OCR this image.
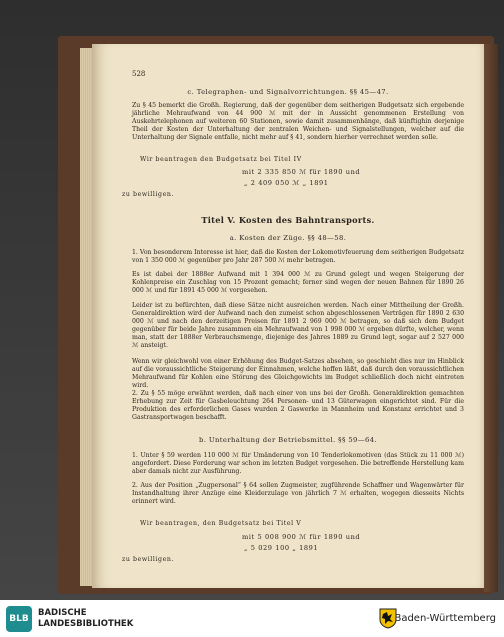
528
c. Telegraphen- und Signalvorrichtungen. §§ 45—47.
Zu § 45 bemerkt die Großh. Regierung, daß der gegenüber dem seitherigen Budgetsatz sich ergebende jährliche Mehraufwand von 44 900 ℳ mit der in Aussicht genommenen Erstellung von Auskehrtelephonen auf weiteren 60 Stationen, sowie damit zusammenhänge, daß künftighin derjenige Theil der Kosten der Unterhaltung der zentralen Weichen- und Signalstellungen, welcher auf die Unterhaltung der Signale entfalle, nicht mehr auf § 41, sondern hierher verrechnet werden solle.
Wir beantragen den Budgetsatz bei Titel IV
mit 2 335 850 ℳ für 1890 und
„ 2 409 050 ℳ „ 1891
zu bewilligen.
Titel V. Kosten des Bahntransports.
a. Kosten der Züge. §§ 48—58.
1. Von besonderem Interesse ist hier, daß die Kosten der Lokomotivfeuerung dem seitherigen Budgetsatz von 1 350 000 ℳ gegenüber pro Jahr 287 500 ℳ mehr betragen.
Es ist dabei der 1888er Aufwand mit 1 394 000 ℳ zu Grund gelegt und wegen Steigerung der Kohlenpreise ein Zuschlag von 15 Prozent gemacht; ferner sind wegen der neuen Bahnen für 1890 26 000 ℳ und für 1891 45 000 ℳ vorgesehen.
Leider ist zu befürchten, daß diese Sätze nicht ausreichen werden. Nach einer Mittheilung der Großh. Generaldirektion wird der Aufwand nach den zumeist schon abgeschlossenen Verträgen für 1890 2 630 000 ℳ und nach den derzeitigen Preisen für 1891 2 969 000 ℳ betragen, so daß sich dem Budget gegenüber für beide Jahre zusammen ein Mehraufwand von 1 998 000 ℳ ergeben dürfte, welcher, wenn man, statt der 1888er Verbrauchsmenge, diejenige des Jahres 1889 zu Grund legt, sogar auf 2 527 000 ℳ ansteigt.
Wenn wir gleichwohl von einer Erhöhung des Budget-Satzes absehen, so geschieht dies nur im Hinblick auf die voraussichtliche Steigerung der Einnahmen, welche hoffen läßt, daß durch den voraussichtlichen Mehraufwand für Kohlen eine Störung des Gleichgewichts im Budget schließlich doch nicht eintreten wird.
2. Zu § 55 möge erwähnt werden, daß nach einer von uns bei der Großh. Generaldirektion gemachten Erhebung zur Zeit für Gasbeleuchtung 264 Personen- und 13 Güterwagen eingerichtet sind. Für die Produktion des erforderlichen Gases wurden 2 Gaswerke in Mannheim und Konstanz errichtet und 3 Gastransportwagen beschafft.
b. Unterhaltung der Betriebsmittel. §§ 59—64.
1. Unter § 59 werden 110 000 ℳ für Umänderung von 10 Tenderlokomotiven (das Stück zu 11 000 ℳ) angefordert. Diese Forderung war schon im letzten Budget vorgesehen. Die betreffende Herstellung kam aber damals nicht zur Ausführung.
2. Aus der Position „Zugpersonal“ § 64 sollen Zugmeister, zugführende Schaffner und Wagenwärter für Instandhaltung ihrer Anzüge eine Kleiderzulage von jährlich 7 ℳ erhalten, wogegen diesseits Nichts erinnert wird.
Wir beantragen, den Budgetsatz bei Titel V
mit 5 008 900 ℳ für 1890 und
„ 5 029 100 „ 1891
zu bewilligen.
BLB
BADISCHE
LANDESBIBLIOTHEK	Baden-Württemberg
